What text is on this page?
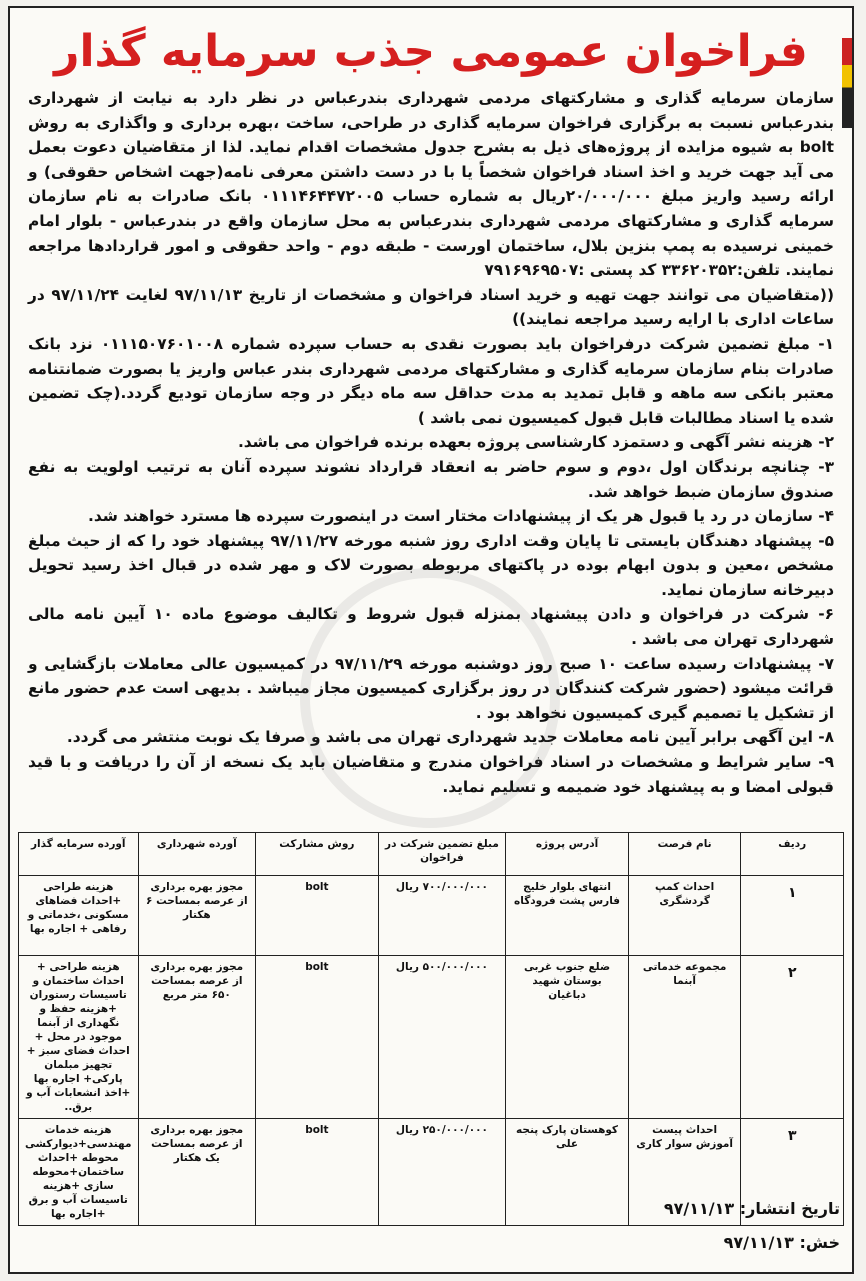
فراخوان عمومی جذب سرمایه گذار

سازمان سرمایه گذاری و مشارکتهای مردمی شهرداری بندرعباس در نظر دارد به نیابت از شهرداری بندرعباس نسبت به برگزاری فراخوان سرمایه گذاری در طراحی، ساخت ،بهره برداری و واگذاری به روش bolt به شیوه مزایده از پروژه‌های ذیل به بشرح جدول مشخصات اقدام نماید. لذا از متقاضیان دعوت بعمل می آید جهت خرید و اخذ اسناد فراخوان شخصاً یا با در دست داشتن معرفی نامه(جهت اشخاص حقوقی) و ارائه رسید واریز مبلغ ۲۰/۰۰۰/۰۰۰ریال به شماره حساب ۰۱۱۱۴۶۴۴۷۲۰۰۵ بانک صادرات به نام سازمان سرمایه گذاری و مشارکتهای مردمی شهرداری بندرعباس به محل سازمان واقع در بندرعباس - بلوار امام خمینی نرسیده به پمپ بنزین بلال، ساختمان اورست - طبقه دوم - واحد حقوقی و امور قراردادها مراجعه نمایند. تلفن:۳۳۶۲۰۳۵۲ کد پستی :۷۹۱۶۹۶۹۵۰۷

((متقاضیان می توانند جهت تهیه و خرید اسناد فراخوان و مشخصات از تاریخ ۹۷/۱۱/۱۳ لغایت ۹۷/۱۱/۲۴ در ساعات اداری با ارایه رسید مراجعه نمایند))

۱- مبلغ تضمین شرکت درفراخوان باید بصورت نقدی به حساب سپرده شماره ۰۱۱۱۵۰۷۶۰۱۰۰۸ نزد بانک صادرات بنام سازمان سرمایه گذاری و مشارکتهای مردمی شهرداری بندر عباس واریز یا بصورت ضمانتنامه معتبر بانکی سه ماهه و قابل تمدید به مدت حداقل سه ماه دیگر در وجه سازمان تودیع گردد.(چک تضمین شده یا اسناد مطالبات قابل قبول کمیسیون نمی باشد )

۲- هزینه نشر آگهی و دستمزد کارشناسی پروژه بعهده برنده فراخوان می باشد.

۳- چنانچه برندگان اول ،دوم و سوم حاضر به انعقاد قرارداد نشوند سپرده آنان به ترتیب اولویت به نفع صندوق سازمان ضبط خواهد شد.

۴- سازمان در رد یا قبول هر یک از پیشنهادات مختار است در اینصورت سپرده ها مسترد خواهند شد.

۵- پیشنهاد دهندگان بایستی تا پایان وقت اداری روز شنبه مورخه ۹۷/۱۱/۲۷ پیشنهاد خود را که از حیث مبلغ مشخص ،معین و بدون ابهام بوده در پاکتهای مربوطه بصورت لاک و مهر شده در قبال اخذ رسید تحویل دبیرخانه سازمان نماید.

۶- شرکت در فراخوان و دادن پیشنهاد بمنزله قبول شروط و تکالیف موضوع ماده ۱۰ آیین نامه مالی شهرداری تهران می باشد .

۷- پیشنهادات رسیده ساعت ۱۰ صبح روز دوشنبه مورخه ۹۷/۱۱/۲۹ در کمیسیون عالی معاملات بازگشایی و قرائت میشود (حضور شرکت کنندگان در روز برگزاری کمیسیون مجاز میباشد . بدیهی است عدم حضور مانع از تشکیل یا تصمیم گیری کمیسیون نخواهد بود .

۸- این آگهی برابر آیین نامه معاملات جدید شهرداری تهران می باشد و صرفا یک نوبت منتشر می گردد.

۹- سایر شرایط و مشخصات در اسناد فراخوان مندرج و متقاضیان باید یک نسخه از آن را دریافت و با قید قبولی امضا و به پیشنهاد خود ضمیمه و تسلیم نماید.

ردیف	نام فرصت	آدرس پروژه	مبلغ تضمین شرکت در فراخوان	روش مشارکت	آورده شهرداری	آورده سرمایه گذار
۱	احداث کمپ گردشگری	انتهای بلوار خلیج فارس پشت فرودگاه	۷۰۰/۰۰۰/۰۰۰ ریال	bolt	مجوز بهره برداری از عرصه بمساحت ۶ هکتار	هزینه طراحی +احداث فضاهای مسکونی ،خدماتی و رفاهی + اجاره بها
۲	مجموعه خدماتی آبنما	ضلع جنوب غربی بوستان شهید دباغیان	۵۰۰/۰۰۰/۰۰۰ ریال	bolt	مجوز بهره برداری از عرصه بمساحت ۶۵۰ متر مربع	هزینه طراحی + احداث ساختمان و تاسیسات رستوران +هزینه حفظ و نگهداری از آبنما موجود در محل + احداث فضای سبز + تجهیز مبلمان پارکی+ اجاره بها +اخذ انشعابات آب و برق..
۳	احداث پیست آموزش سوار کاری	کوهستان پارک پنجه علی	۲۵۰/۰۰۰/۰۰۰ ریال	bolt	مجوز بهره برداری از عرصه بمساحت یک هکتار	هزینه خدمات مهندسی+دیوارکشی محوطه +احداث ساختمان+محوطه سازی +هزینه تاسیسات آب و برق +اجاره بها	تاریخ انتشار: ۹۷/۱۱/۱۳
خش: ۹۷/۱۱/۱۳
